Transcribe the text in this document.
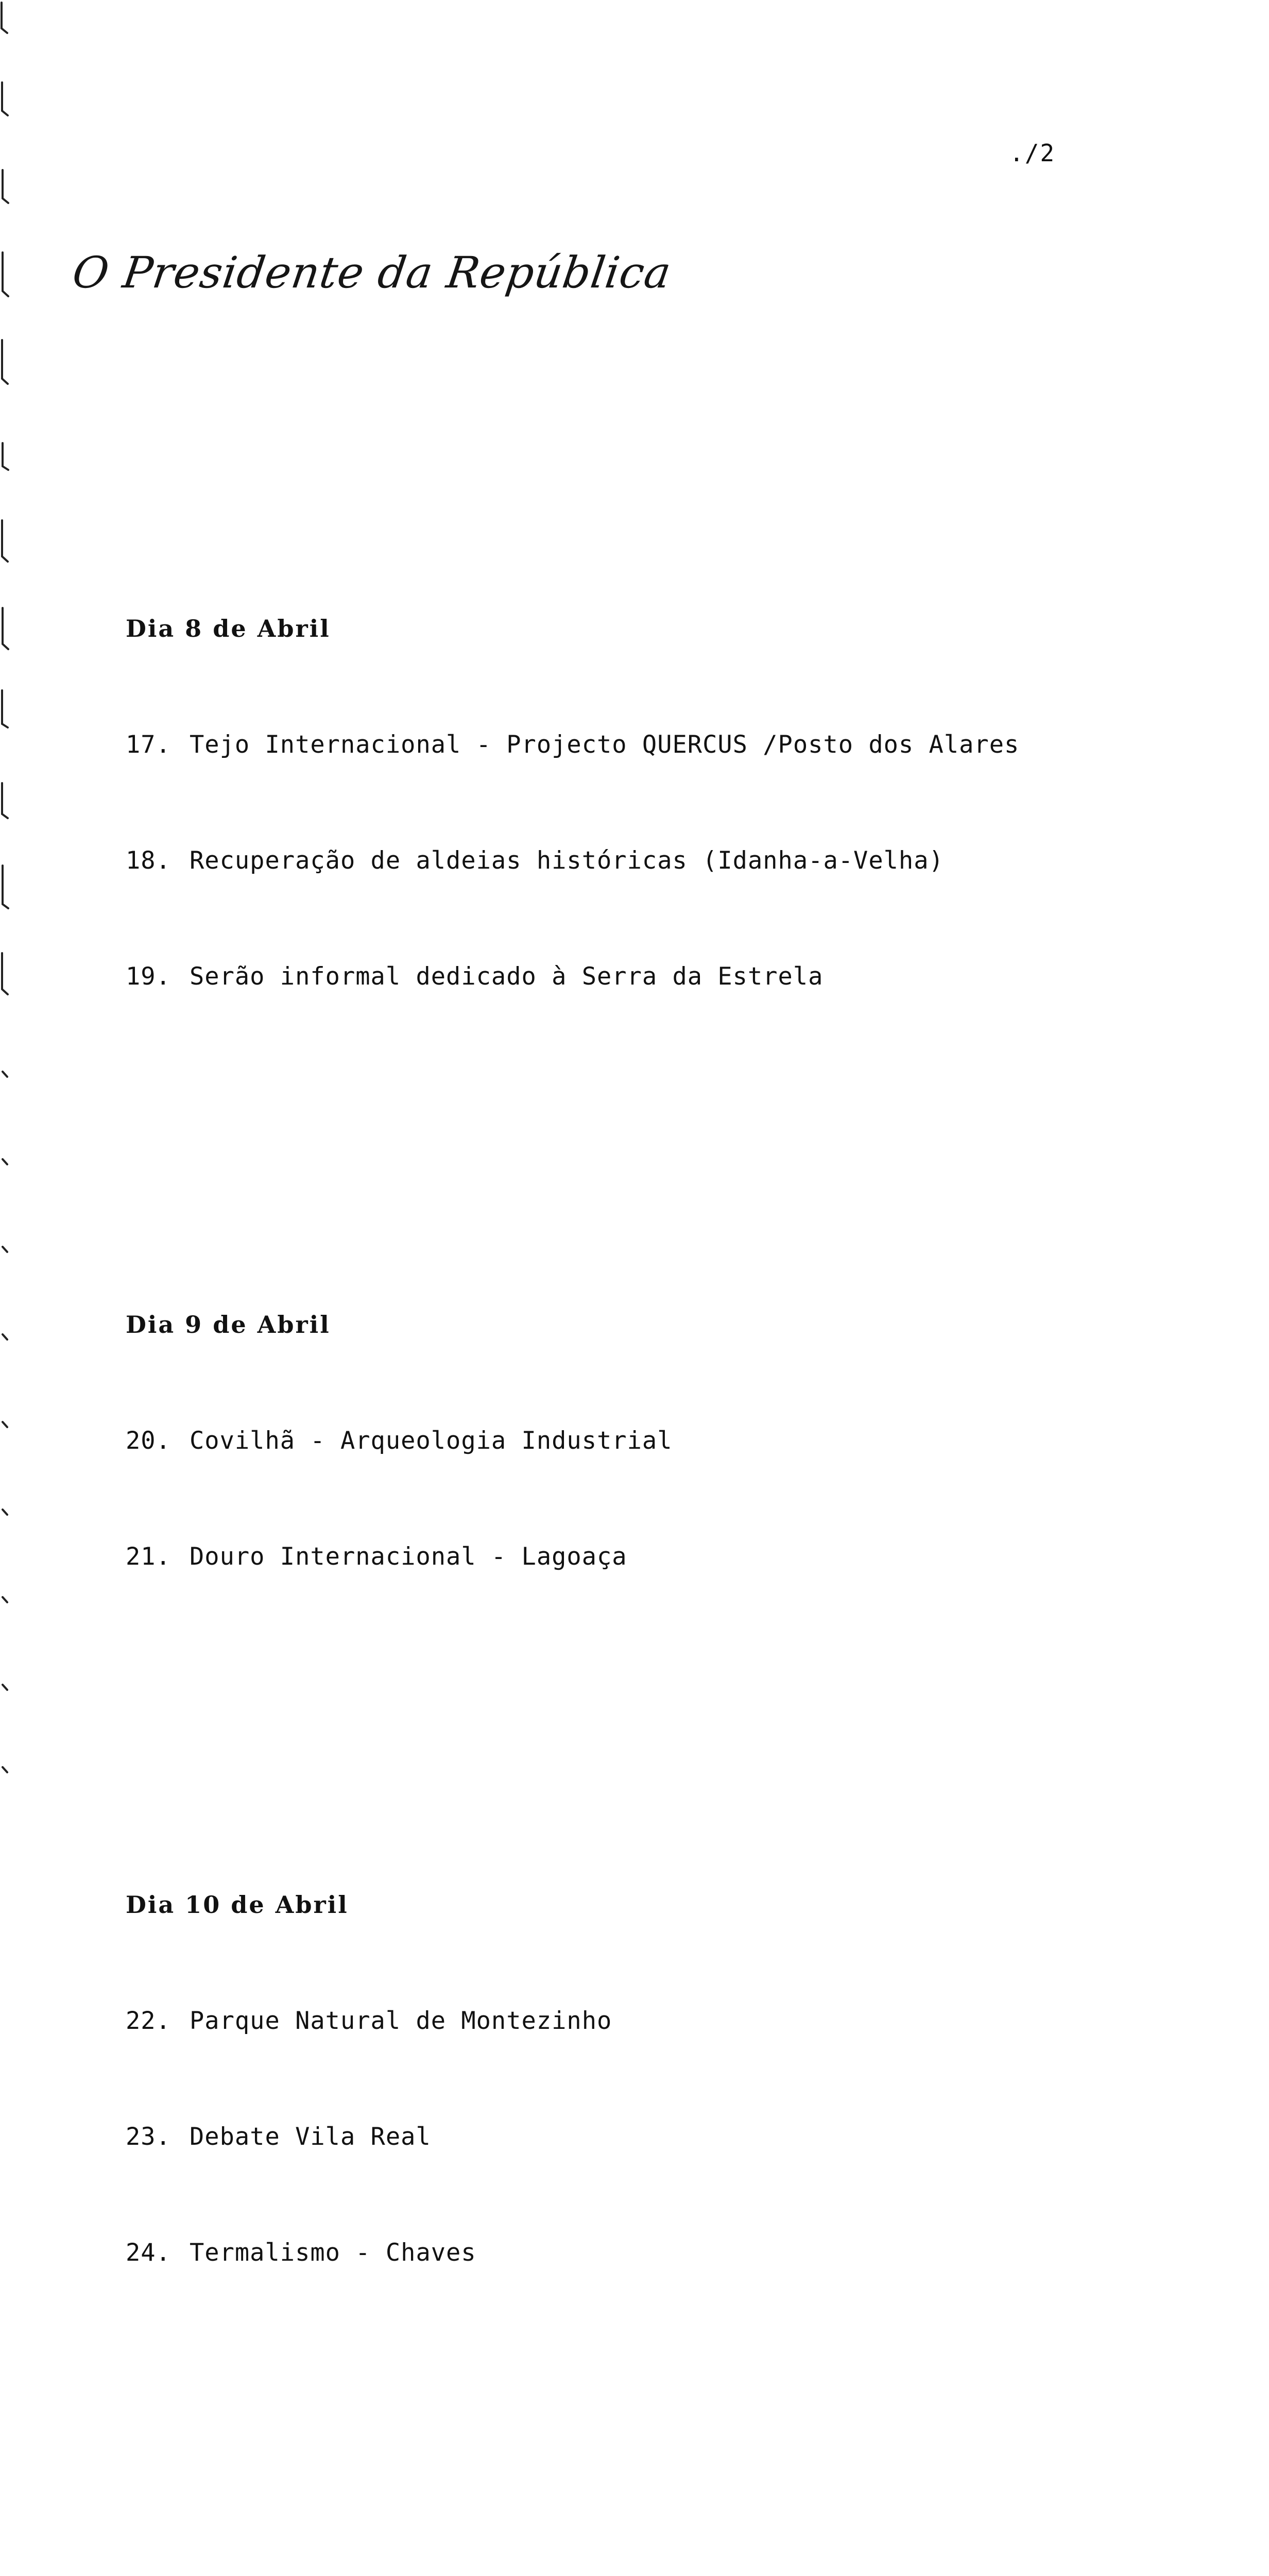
./2
O Presidente da República

Dia 8 de Abril

17. Tejo Internacional - Projecto QUERCUS /Posto dos Alares

18. Recuperação de aldeias históricas (Idanha-a-Velha)

19. Serão informal dedicado à Serra da Estrela

Dia 9 de Abril

20. Covilhã - Arqueologia Industrial

21. Douro Internacional - Lagoaça

Dia 10 de Abril

22. Parque Natural de Montezinho

23. Debate Vila Real

24. Termalismo - Chaves
